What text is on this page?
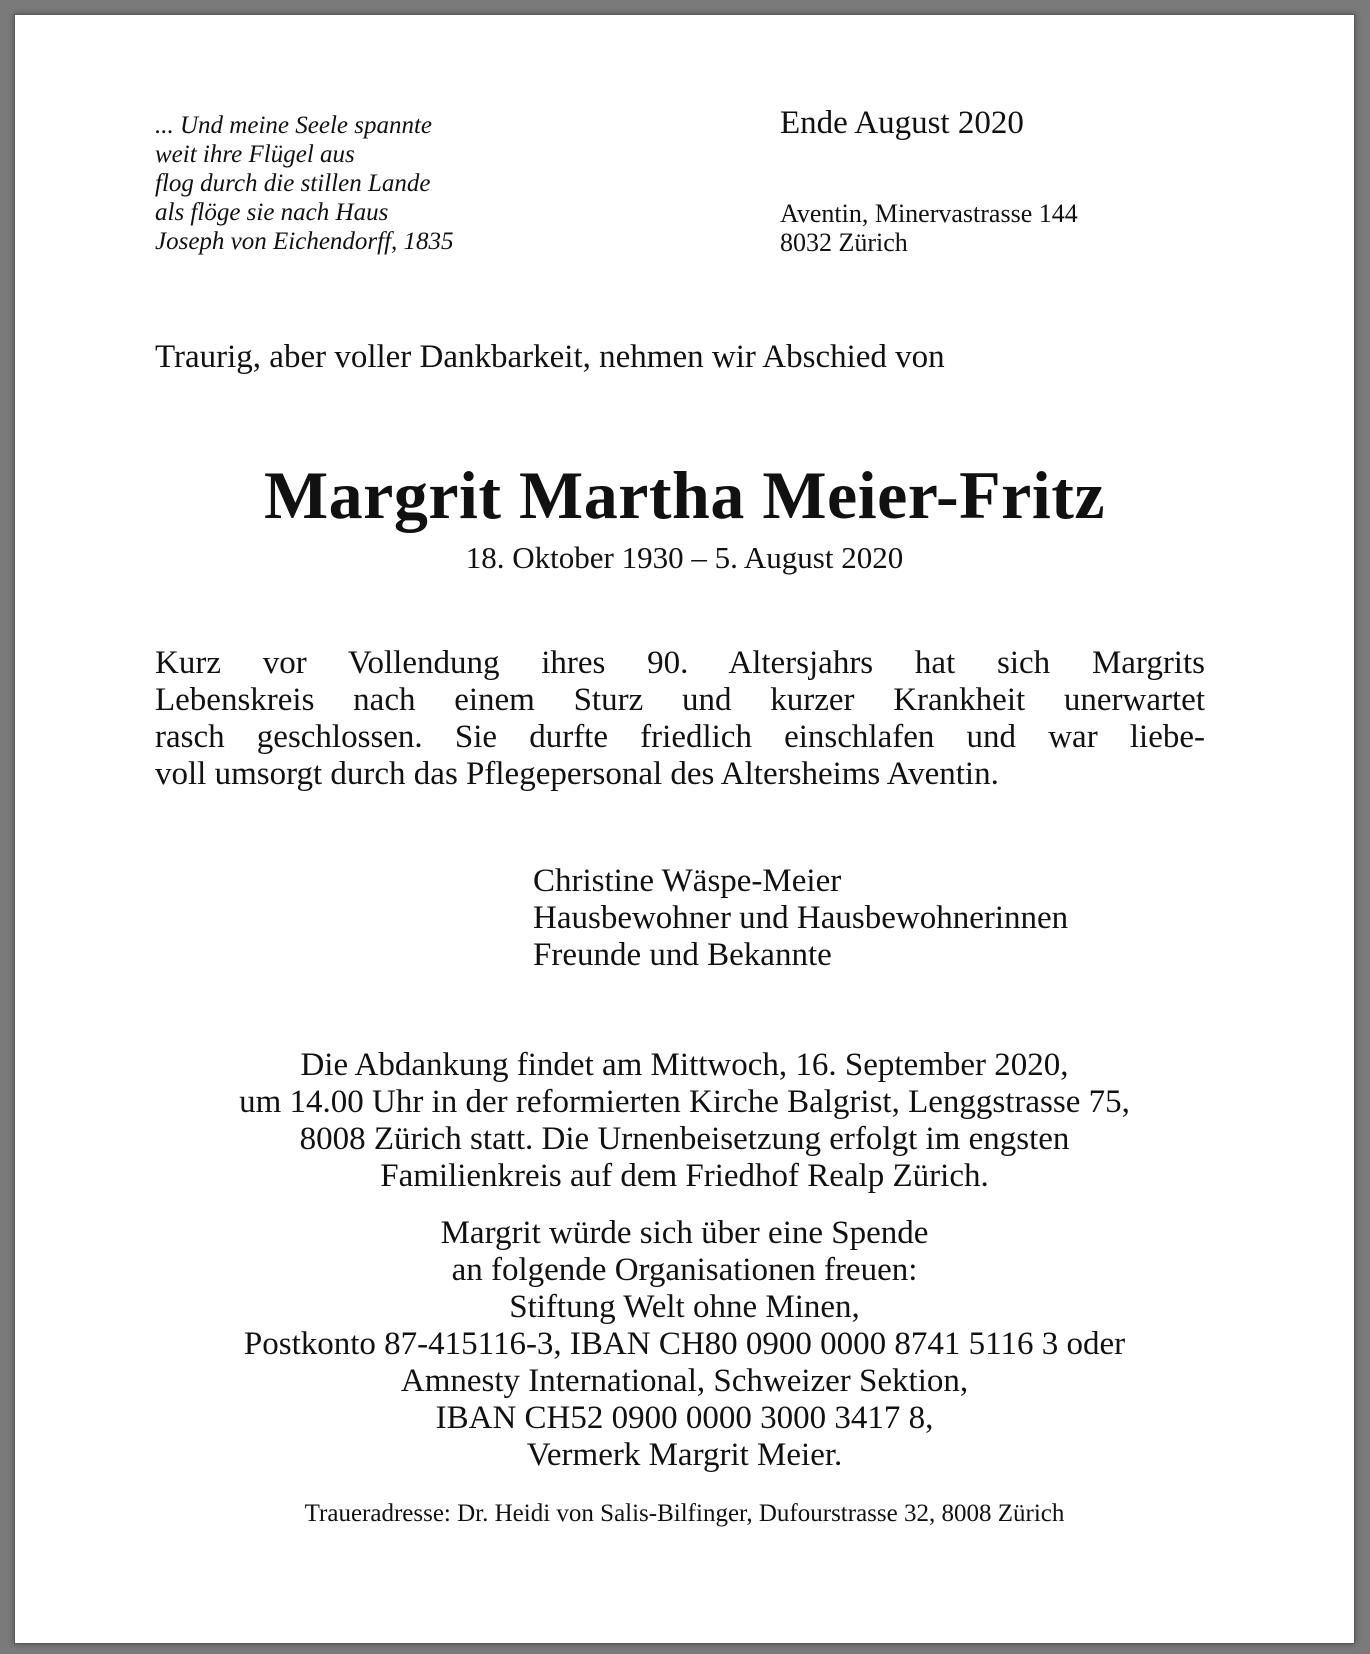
... Und meine Seele spannte
weit ihre Flügel aus
flog durch die stillen Lande
als flöge sie nach Haus
Joseph von Eichendorff, 1835
Ende August 2020
Aventin, Minervastrasse 144
8032 Zürich
Traurig, aber voller Dankbarkeit, nehmen wir Abschied von
Margrit Martha Meier-Fritz
18. Oktober 1930 – 5. August 2020
Kurz vor Vollendung ihres 90. Altersjahrs hat sich Margrits
Lebenskreis nach einem Sturz und kurzer Krankheit unerwartet
rasch geschlossen. Sie durfte friedlich einschlafen und war liebe-
voll umsorgt durch das Pflegepersonal des Altersheims Aventin.
Christine Wäspe-Meier
Hausbewohner und Hausbewohnerinnen
Freunde und Bekannte
Die Abdankung findet am Mittwoch, 16. September 2020,
um 14.00 Uhr in der reformierten Kirche Balgrist, Lenggstrasse 75,
8008 Zürich statt. Die Urnenbeisetzung erfolgt im engsten
Familienkreis auf dem Friedhof Realp Zürich.
Margrit würde sich über eine Spende
an folgende Organisationen freuen:
Stiftung Welt ohne Minen,
Postkonto 87-415116-3, IBAN CH80 0900 0000 8741 5116 3 oder
Amnesty International, Schweizer Sektion,
IBAN CH52 0900 0000 3000 3417 8,
Vermerk Margrit Meier.
Traueradresse: Dr. Heidi von Salis-Bilfinger, Dufourstrasse 32, 8008 Zürich
